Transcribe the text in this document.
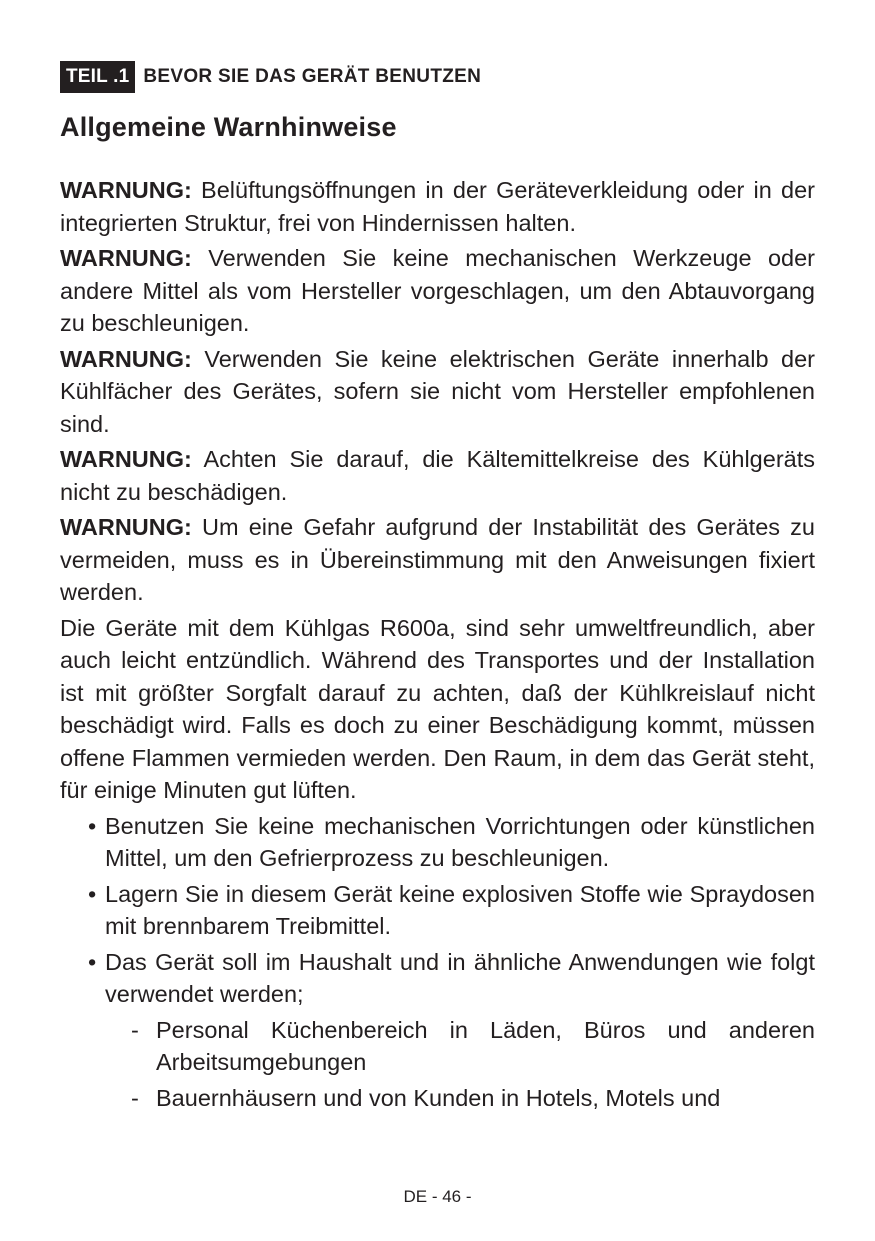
TEIL .1 BEVOR SIE DAS GERÄT BENUTZEN
Allgemeine Warnhinweise

WARNUNG: Belüftungsöffnungen in der Geräteverkleidung oder in der integrierten Struktur, frei von Hindernissen halten.

WARNUNG: Verwenden Sie keine mechanischen Werkzeuge oder andere Mittel als vom Hersteller vorgeschlagen, um den Abtauvorgang zu beschleunigen.

WARNUNG: Verwenden Sie keine elektrischen Geräte innerhalb der Kühlfächer des Gerätes, sofern sie nicht vom Hersteller empfohlenen sind.

WARNUNG: Achten Sie darauf, die Kältemittelkreise des Kühlgeräts nicht zu beschädigen.

WARNUNG: Um eine Gefahr aufgrund der Instabilität des Gerätes zu vermeiden, muss es in Übereinstimmung mit den Anweisungen fixiert werden.

Die Geräte mit dem Kühlgas R600a, sind sehr umweltfreundlich, aber auch leicht entzündlich. Während des Transportes und der Installation ist mit größter Sorgfalt darauf zu achten, daß der Kühlkreislauf nicht beschädigt wird. Falls es doch zu einer Beschädigung kommt, müssen offene Flammen vermieden werden. Den Raum, in dem das Gerät steht, für einige Minuten gut lüften.

• Benutzen Sie keine mechanischen Vorrichtungen oder künstlichen Mittel, um den Gefrierprozess zu beschleunigen.
• Lagern Sie in diesem Gerät keine explosiven Stoffe wie Spraydosen mit brennbarem Treibmittel.
• Das Gerät soll im Haushalt und in ähnliche Anwendungen wie folgt verwendet werden;
- Personal Küchenbereich in Läden, Büros und anderen Arbeitsumgebungen
- Bauernhäusern und von Kunden in Hotels, Motels und
DE - 46 -
